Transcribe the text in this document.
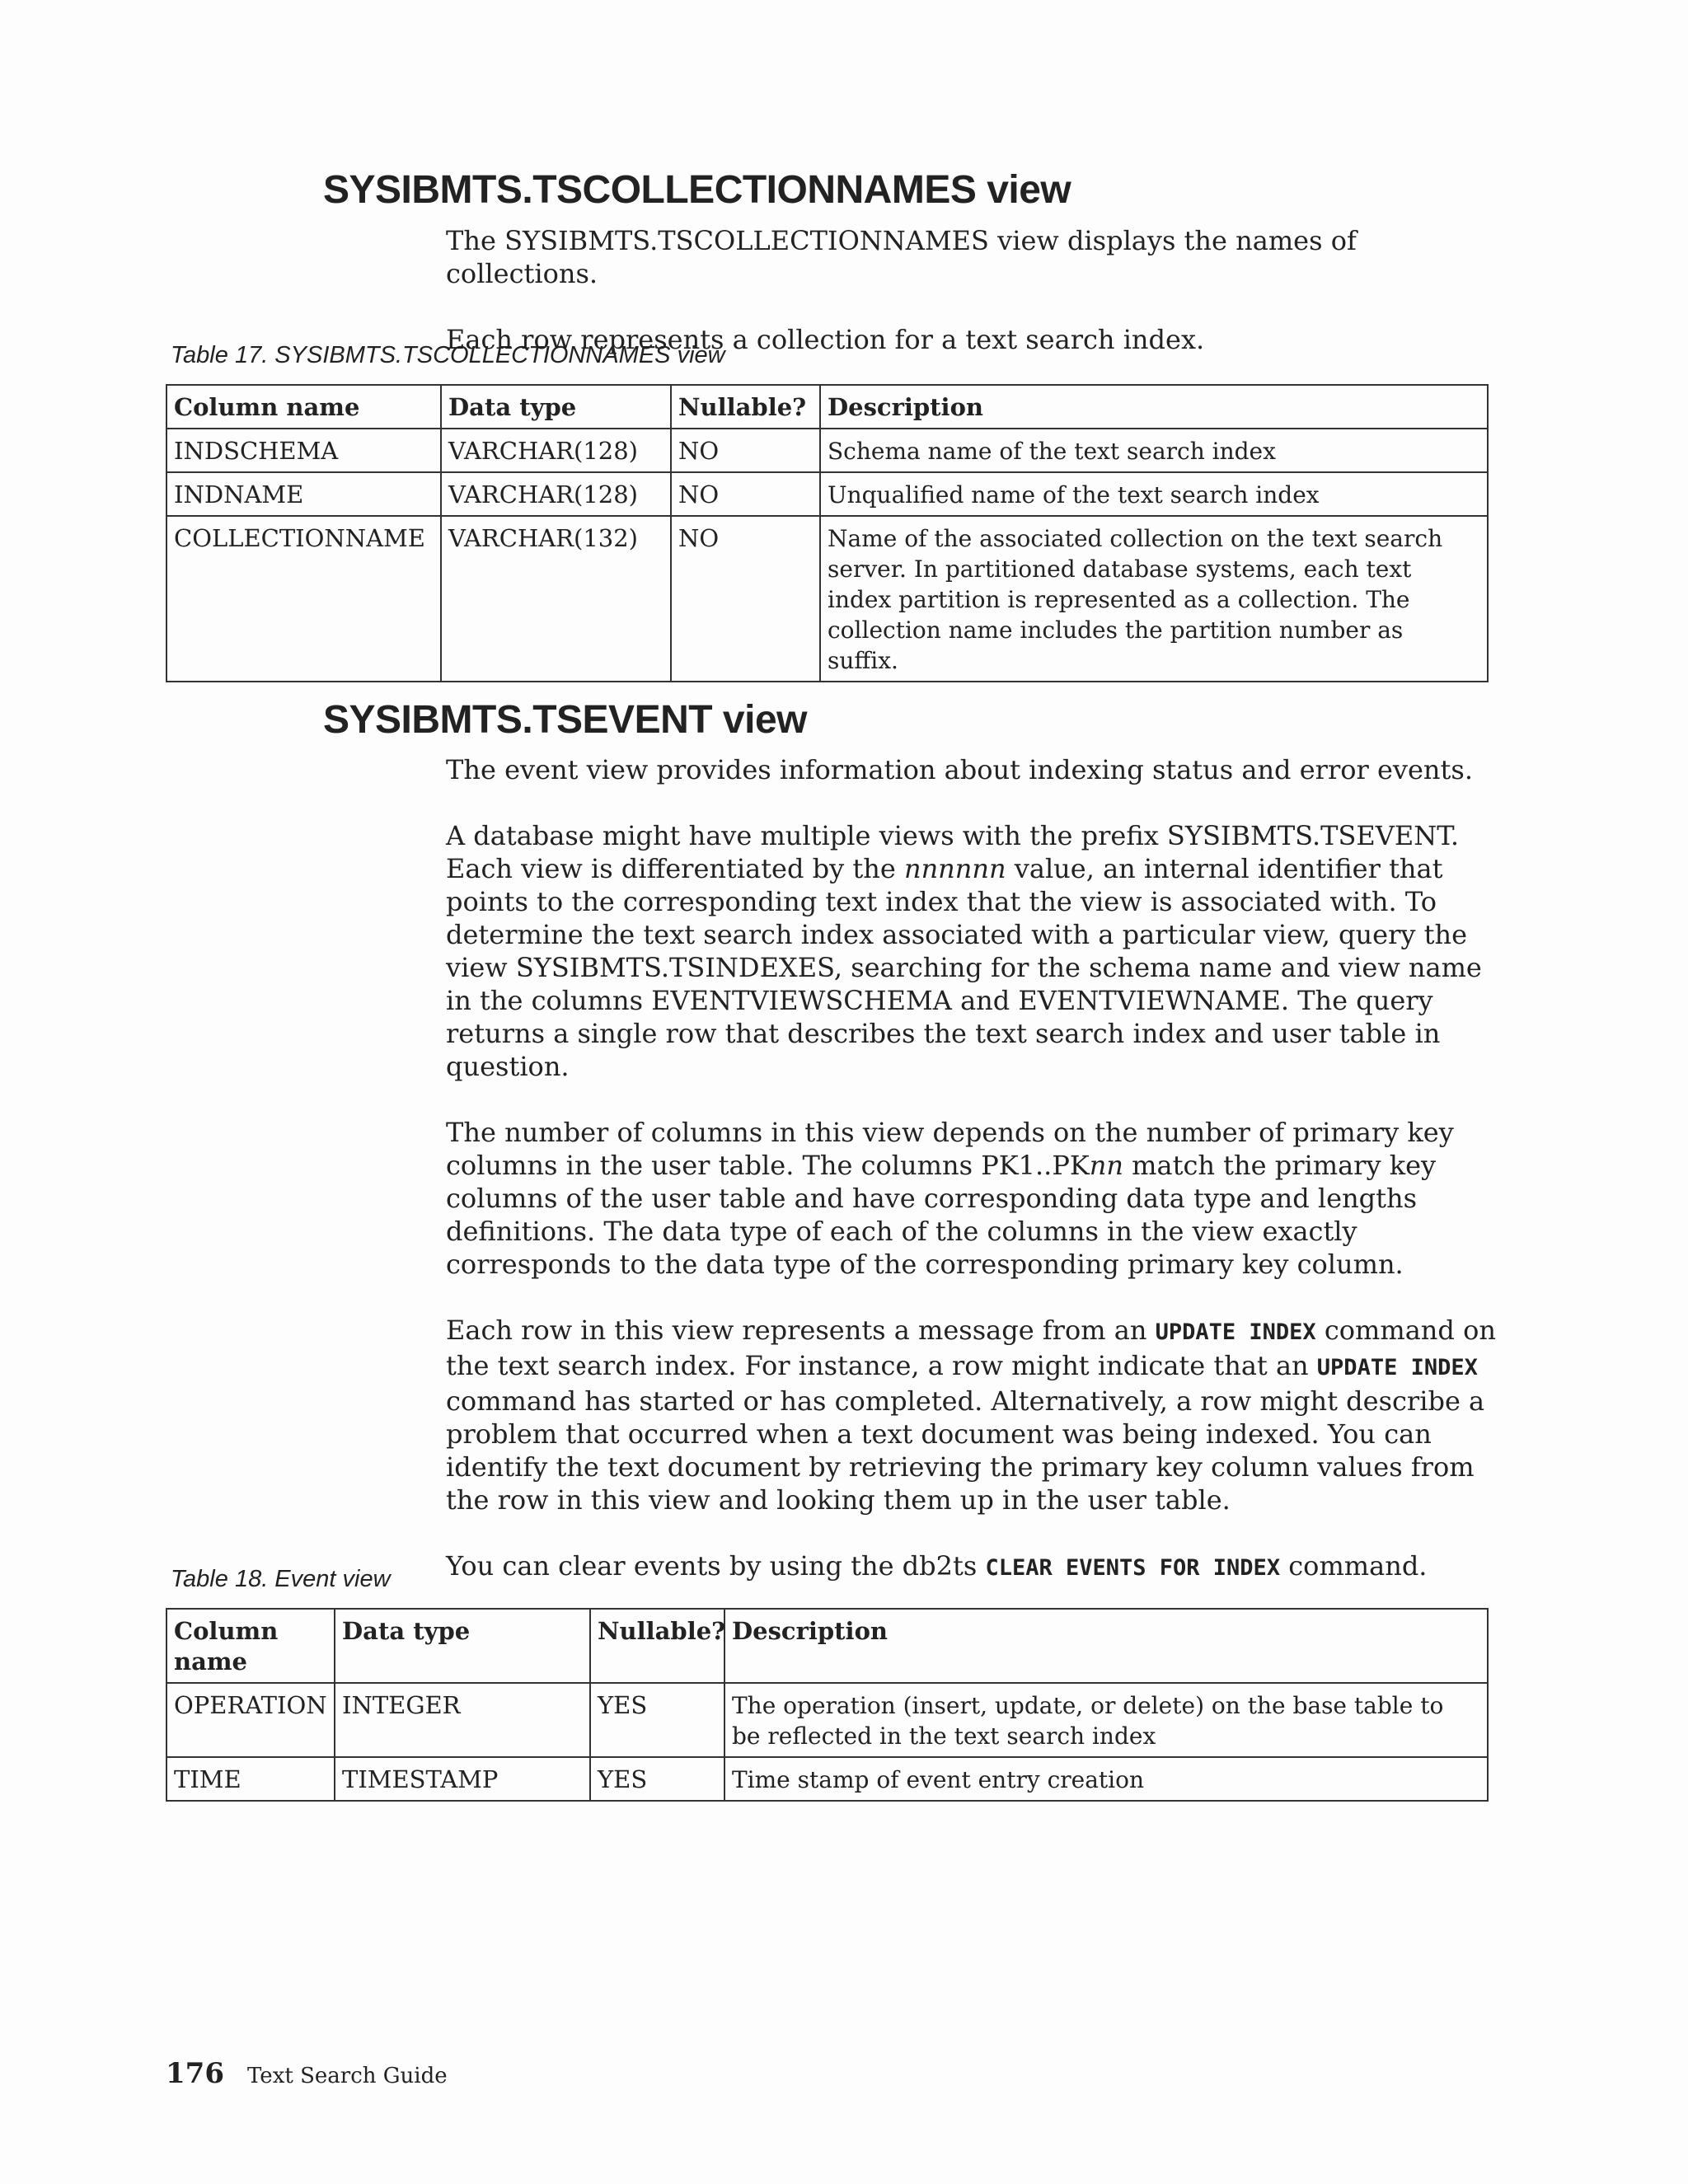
SYSIBMTS.TSCOLLECTIONNAMES view

The SYSIBMTS.TSCOLLECTIONNAMES view displays the names of collections.

Each row represents a collection for a text search index.

Table 17. SYSIBMTS.TSCOLLECTIONNAMES view
Column name	Data type	Nullable?	Description
INDSCHEMA	VARCHAR(128)	NO	Schema name of the text search index
INDNAME	VARCHAR(128)	NO	Unqualified name of the text search index
COLLECTIONNAME	VARCHAR(132)	NO	Name of the associated collection on the text search server. In partitioned database systems, each text index partition is represented as a collection. The collection name includes the partition number as suffix.
SYSIBMTS.TSEVENT view

The event view provides information about indexing status and error events.

A database might have multiple views with the prefix SYSIBMTS.TSEVENT. Each view is differentiated by the nnnnnn value, an internal identifier that points to the corresponding text index that the view is associated with. To determine the text search index associated with a particular view, query the view SYSIBMTS.TSINDEXES, searching for the schema name and view name in the columns EVENTVIEWSCHEMA and EVENTVIEWNAME. The query returns a single row that describes the text search index and user table in question.

The number of columns in this view depends on the number of primary key columns in the user table. The columns PK1..PKnn match the primary key columns of the user table and have corresponding data type and lengths definitions. The data type of each of the columns in the view exactly corresponds to the data type of the corresponding primary key column.

Each row in this view represents a message from an UPDATE INDEX command on the text search index. For instance, a row might indicate that an UPDATE INDEX command has started or has completed. Alternatively, a row might describe a problem that occurred when a text document was being indexed. You can identify the text document by retrieving the primary key column values from the row in this view and looking them up in the user table.

You can clear events by using the db2ts CLEAR EVENTS FOR INDEX command.

Table 18. Event view
Column name	Data type	Nullable?	Description
OPERATION	INTEGER	YES	The operation (insert, update, or delete) on the base table to be reflected in the text search index
TIME	TIMESTAMP	YES	Time stamp of event entry creation
176 Text Search Guide
